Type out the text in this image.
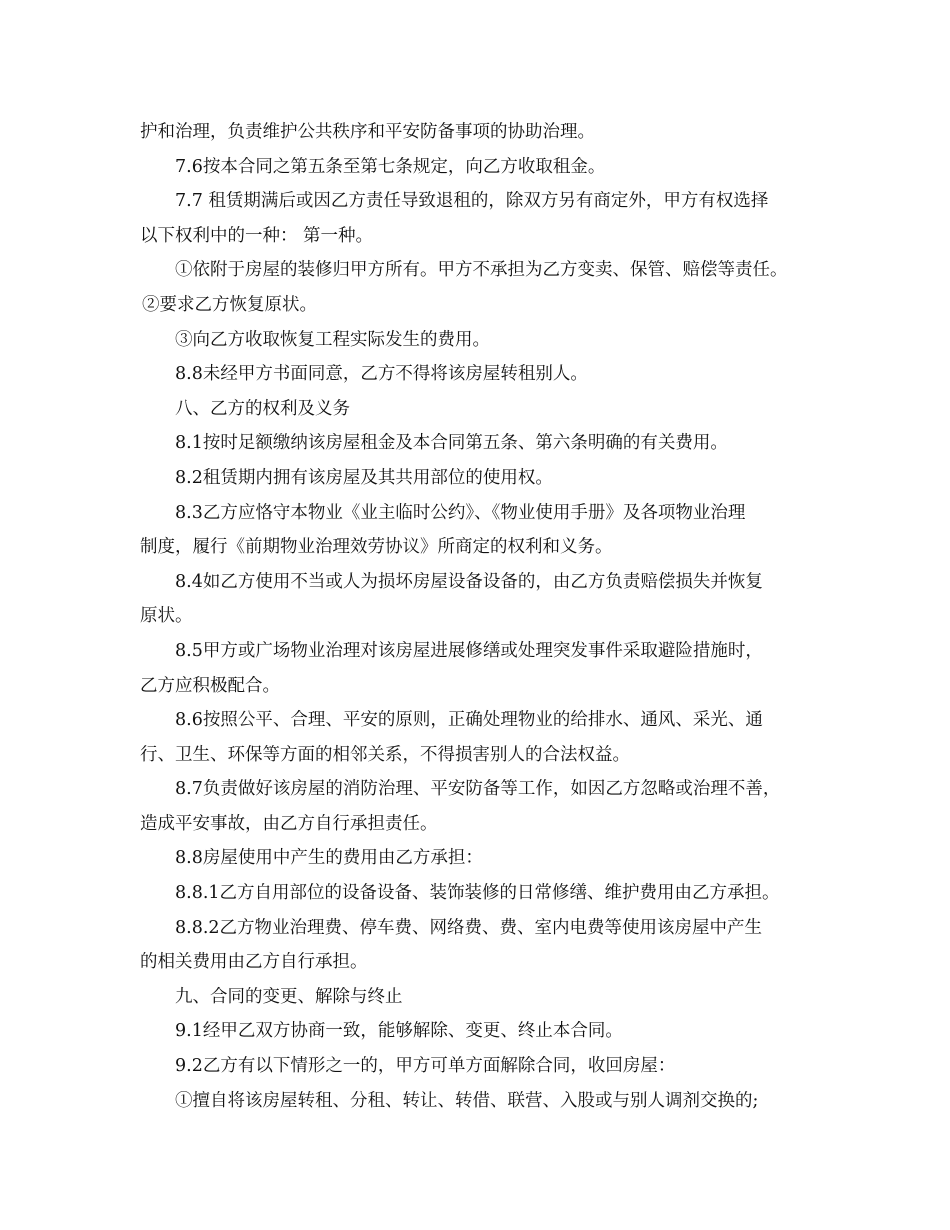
护和治理，负责维护公共秩序和平安防备事项的协助治理。
7.6按本合同之第五条至第七条规定，向乙方收取租金。
7.7 租赁期满后或因乙方责任导致退租的，除双方另有商定外，甲方有权选择
以下权利中的一种： 第一种。
①依附于房屋的装修归甲方所有。甲方不承担为乙方变卖、保管、赔偿等责任。
②要求乙方恢复原状。
③向乙方收取恢复工程实际发生的费用。
8.8未经甲方书面同意，乙方不得将该房屋转租别人。
八、乙方的权利及义务
8.1按时足额缴纳该房屋租金及本合同第五条、第六条明确的有关费用。
8.2租赁期内拥有该房屋及其共用部位的使用权。
8.3乙方应恪守本物业《业主临时公约》、《物业使用手册》及各项物业治理
制度，履行《前期物业治理效劳协议》所商定的权利和义务。
8.4如乙方使用不当或人为损坏房屋设备设备的，由乙方负责赔偿损失并恢复
原状。
8.5甲方或广场物业治理对该房屋进展修缮或处理突发事件采取避险措施时，
乙方应积极配合。
8.6按照公平、合理、平安的原则，正确处理物业的给排水、通风、采光、通
行、卫生、环保等方面的相邻关系，不得损害别人的合法权益。
8.7负责做好该房屋的消防治理、平安防备等工作，如因乙方忽略或治理不善，
造成平安事故，由乙方自行承担责任。
8.8房屋使用中产生的费用由乙方承担：
8.8.1乙方自用部位的设备设备、装饰装修的日常修缮、维护费用由乙方承担。
8.8.2乙方物业治理费、停车费、网络费、费、室内电费等使用该房屋中产生
的相关费用由乙方自行承担。
九、合同的变更、解除与终止
9.1经甲乙双方协商一致，能够解除、变更、终止本合同。
9.2乙方有以下情形之一的，甲方可单方面解除合同，收回房屋：
①擅自将该房屋转租、分租、转让、转借、联营、入股或与别人调剂交换的;
